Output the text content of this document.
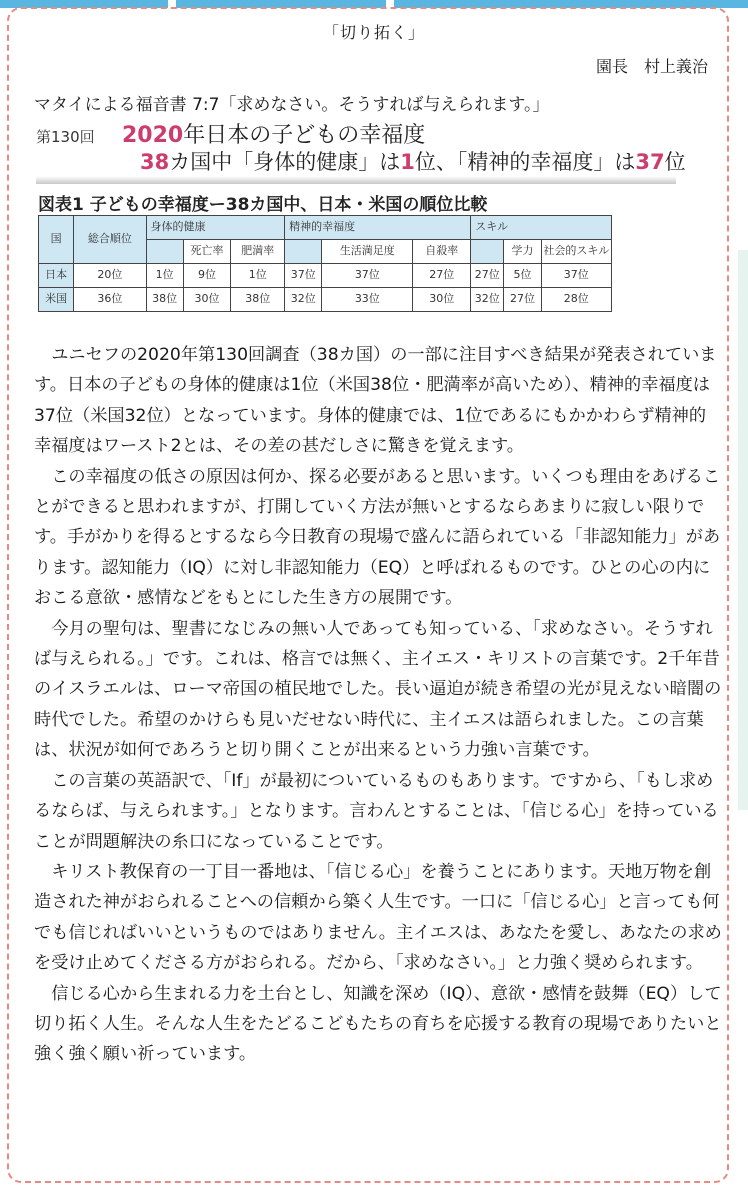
「切り拓く」
園長　村上義治
マタイによる福音書 7:7「求めなさい。そうすれば与えられます。」
第130回 2020年日本の子どもの幸福度
38カ国中「身体的健康」は1位、「精神的幸福度」は37位
図表1 子どもの幸福度ー38カ国中、日本・米国の順位比較
国	総合順位	身体的健康			精神的幸福度			スキル		
			死亡率	肥満率		生活満足度	自殺率		学力	社会的スキル
日本	20位	1位	9位	1位	37位	37位	27位	27位	5位	37位
米国	36位	38位	30位	38位	32位	33位	30位	32位	27位	28位

ユニセフの2020年第130回調査（38カ国）の一部に注目すべき結果が発表されています。日本の子どもの身体的健康は1位（米国38位・肥満率が高いため）、精神的幸福度は37位（米国32位）となっています。身体的健康では、1位であるにもかかわらず精神的幸福度はワースト2とは、その差の甚だしさに驚きを覚えます。

この幸福度の低さの原因は何か、探る必要があると思います。いくつも理由をあげることができると思われますが、打開していく方法が無いとするならあまりに寂しい限りです。手がかりを得るとするなら今日教育の現場で盛んに語られている「非認知能力」があります。認知能力（IQ）に対し非認知能力（EQ）と呼ばれるものです。ひとの心の内におこる意欲・感情などをもとにした生き方の展開です。

今月の聖句は、聖書になじみの無い人であっても知っている、「求めなさい。そうすれば与えられる。」です。これは、格言では無く、主イエス・キリストの言葉です。2千年昔のイスラエルは、ローマ帝国の植民地でした。長い逼迫が続き希望の光が見えない暗闇の時代でした。希望のかけらも見いだせない時代に、主イエスは語られました。この言葉は、状況が如何であろうと切り開くことが出来るという力強い言葉です。

この言葉の英語訳で、「If」が最初についているものもあります。ですから、「もし求めるならば、与えられます。」となります。言わんとすることは、「信じる心」を持っていることが問題解決の糸口になっていることです。

キリスト教保育の一丁目一番地は、「信じる心」を養うことにあります。天地万物を創造された神がおられることへの信頼から築く人生です。一口に「信じる心」と言っても何でも信じればいいというものではありません。主イエスは、あなたを愛し、あなたの求めを受け止めてくださる方がおられる。だから、「求めなさい。」と力強く奨められます。

信じる心から生まれる力を土台とし、知識を深め（IQ）、意欲・感情を鼓舞（EQ）して切り拓く人生。そんな人生をたどるこどもたちの育ちを応援する教育の現場でありたいと強く強く願い祈っています。
